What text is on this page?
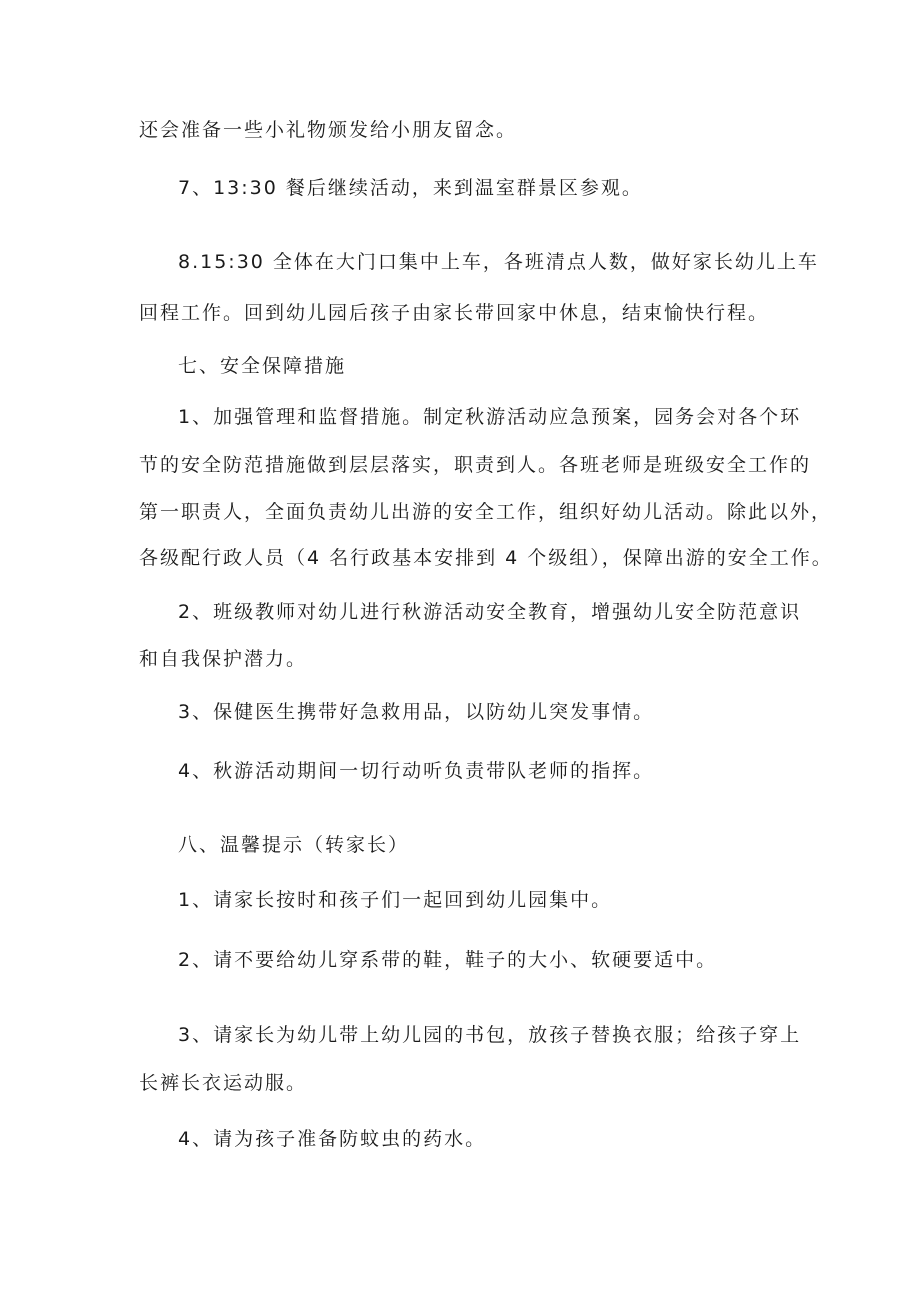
还会准备一些小礼物颁发给小朋友留念。
7、13:30 餐后继续活动，来到温室群景区参观。
8.15:30 全体在大门口集中上车，各班清点人数，做好家长幼儿上车
回程工作。回到幼儿园后孩子由家长带回家中休息，结束愉快行程。
七、安全保障措施
1、加强管理和监督措施。制定秋游活动应急预案，园务会对各个环
节的安全防范措施做到层层落实，职责到人。各班老师是班级安全工作的
第一职责人，全面负责幼儿出游的安全工作，组织好幼儿活动。除此以外，
各级配行政人员（4 名行政基本安排到 4 个级组），保障出游的安全工作。
2、班级教师对幼儿进行秋游活动安全教育，增强幼儿安全防范意识
和自我保护潜力。
3、保健医生携带好急救用品，以防幼儿突发事情。
4、秋游活动期间一切行动听负责带队老师的指挥。
八、温馨提示（转家长）
1、请家长按时和孩子们一起回到幼儿园集中。
2、请不要给幼儿穿系带的鞋，鞋子的大小、软硬要适中。
3、请家长为幼儿带上幼儿园的书包，放孩子替换衣服；给孩子穿上
长裤长衣运动服。
4、请为孩子准备防蚊虫的药水。
